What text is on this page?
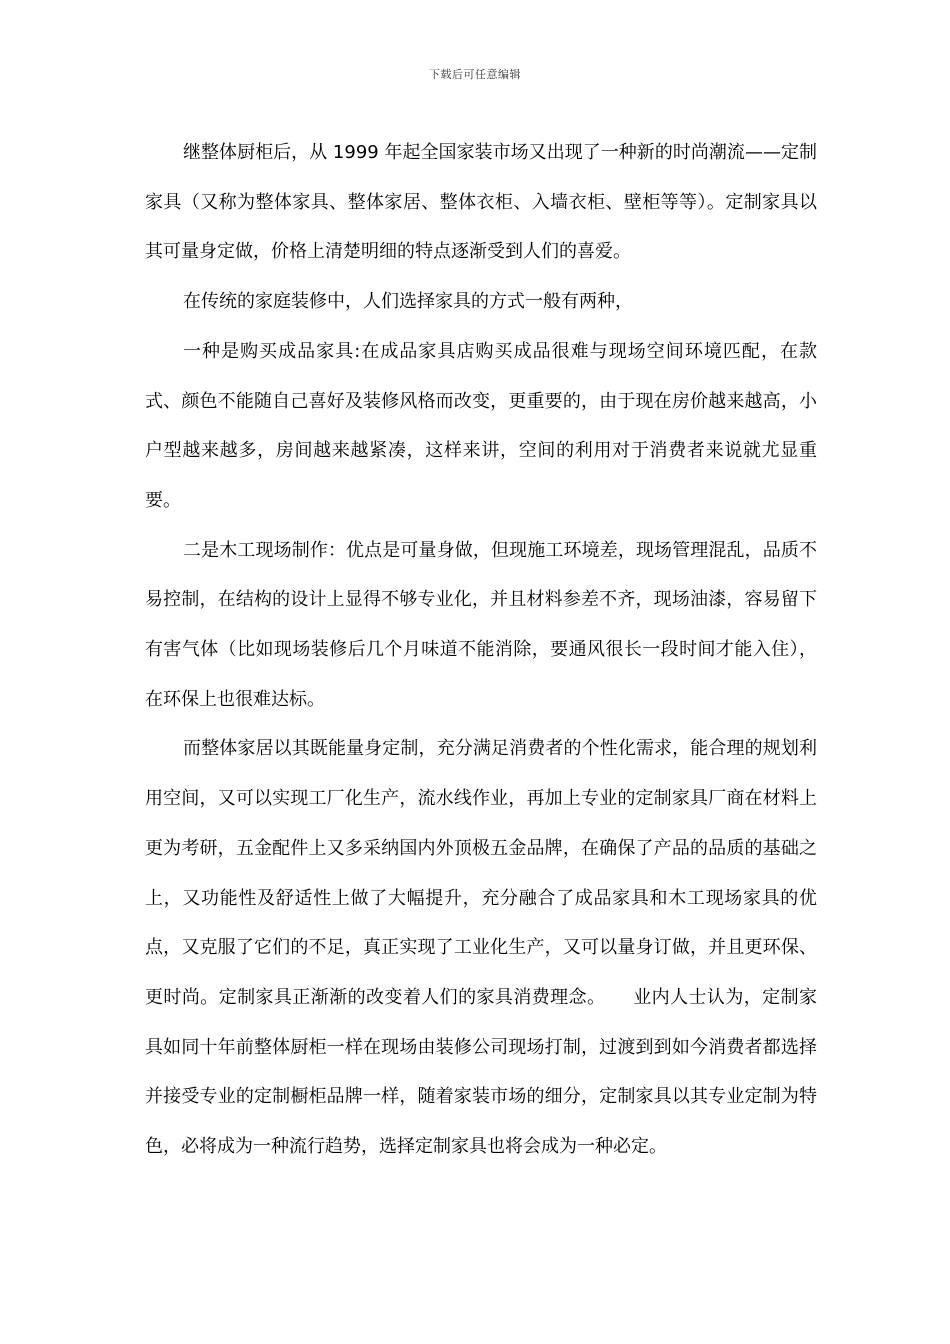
下载后可任意编辑

继整体厨柜后，从 1999 年起全国家装市场又出现了一种新的时尚潮流——定制家具（又称为整体家具、整体家居、整体衣柜、入墙衣柜、壁柜等等）。定制家具以其可量身定做，价格上清楚明细的特点逐渐受到人们的喜爱。

在传统的家庭装修中，人们选择家具的方式一般有两种，

一种是购买成品家具:在成品家具店购买成品很难与现场空间环境匹配，在款式、颜色不能随自己喜好及装修风格而改变，更重要的，由于现在房价越来越高，小户型越来越多，房间越来越紧凑，这样来讲，空间的利用对于消费者来说就尤显重要。

二是木工现场制作：优点是可量身做，但现施工环境差，现场管理混乱，品质不易控制，在结构的设计上显得不够专业化，并且材料参差不齐，现场油漆，容易留下有害气体（比如现场装修后几个月味道不能消除，要通风很长一段时间才能入住），在环保上也很难达标。

而整体家居以其既能量身定制，充分满足消费者的个性化需求，能合理的规划利用空间，又可以实现工厂化生产，流水线作业，再加上专业的定制家具厂商在材料上更为考研，五金配件上又多采纳国内外顶极五金品牌，在确保了产品的品质的基础之上，又功能性及舒适性上做了大幅提升，充分融合了成品家具和木工现场家具的优点，又克服了它们的不足，真正实现了工业化生产，又可以量身订做，并且更环保、更时尚。定制家具正渐渐的改变着人们的家具消费理念。　　业内人士认为，定制家具如同十年前整体厨柜一样在现场由装修公司现场打制，过渡到到如今消费者都选择并接受专业的定制橱柜品牌一样，随着家装市场的细分，定制家具以其专业定制为特色，必将成为一种流行趋势，选择定制家具也将会成为一种必定。
